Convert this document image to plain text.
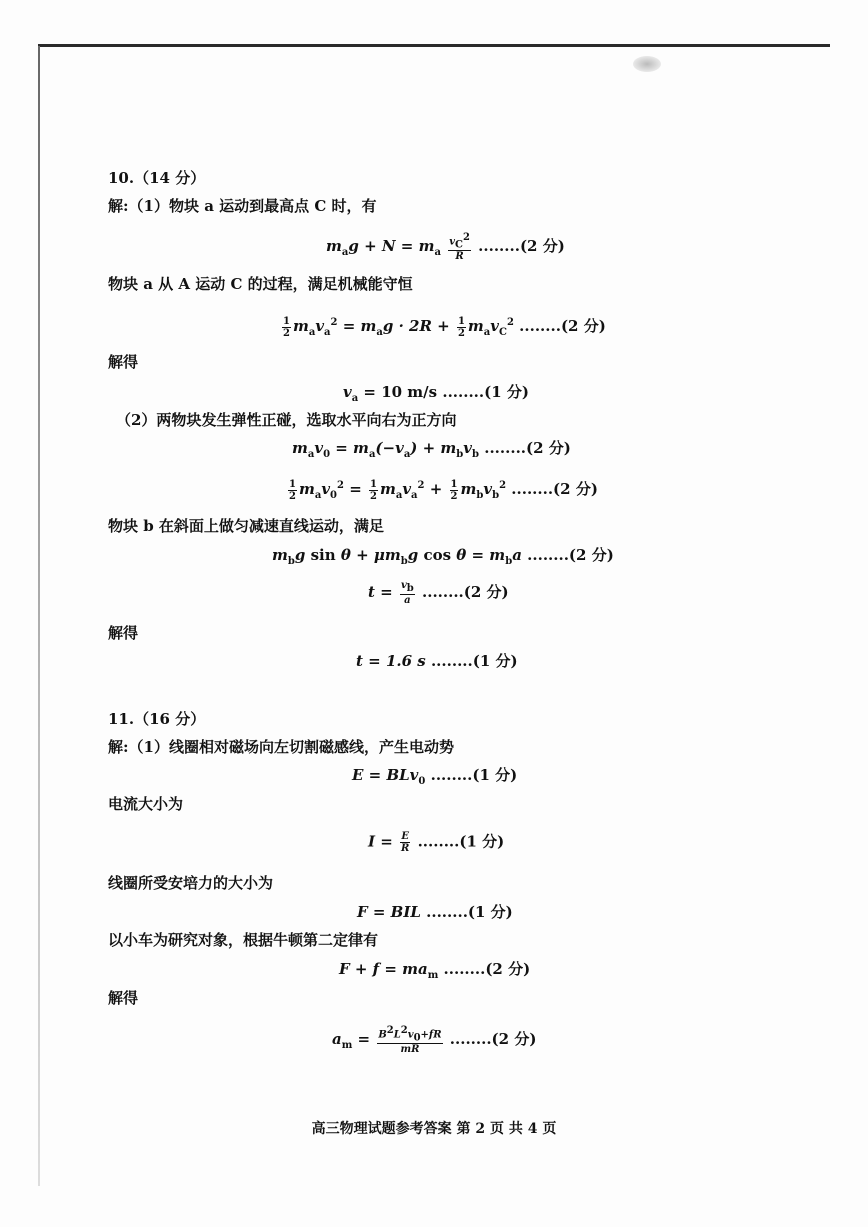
10.（14 分）
解:（1）物块 a 运动到最高点 C 时，有
$m_ag + N = m_a \frac{v_C^2}{R} ........(2$ 分)
物块 a 从 A 运动 C 的过程，满足机械能守恒
$\frac{1}{2} m_av_a^2 = m_ag \cdot 2R + \frac{1}{2} m_av_C^2$ ........(2 分)
解得
$v_a = 10$ m/s ........(1 分)
（2）两物块发生弹性正碰，选取水平向右为正方向
$m_av_0 = m_a(-v_a) + m_bv_b$ ........(2 分)
$\frac{1}{2} m_av_0^2 = \frac{1}{2} m_av_a^2 + \frac{1}{2} m_bv_b^2$ ........(2 分)
物块 b 在斜面上做匀减速直线运动，满足
$m_bg$ $\sin \theta + \mu m_bg$ $\cos \theta = m_ba$ ........(2 分)
$t = \frac{v_b}{a} ........(2$ 分)
解得
t = 1.6 s ........(1 分)
11.（16 分）
解:（1）线圈相对磁场向左切割磁感线，产生电动势
E = BLv$_0$ ........(1 分)
电流大小为
$I = \frac{E}{R} ........(1$ 分)
线圈所受安培力的大小为
F = BIL ........(1 分)
以小车为研究对象，根据牛顿第二定律有
$F + f = ma_m$ ........(2 分)
解得
$a_m = \frac{B^2L^2v_0+fR}{mR} ........(2$ 分)
高三物理试题参考答案 第 2 页 共 4 页
